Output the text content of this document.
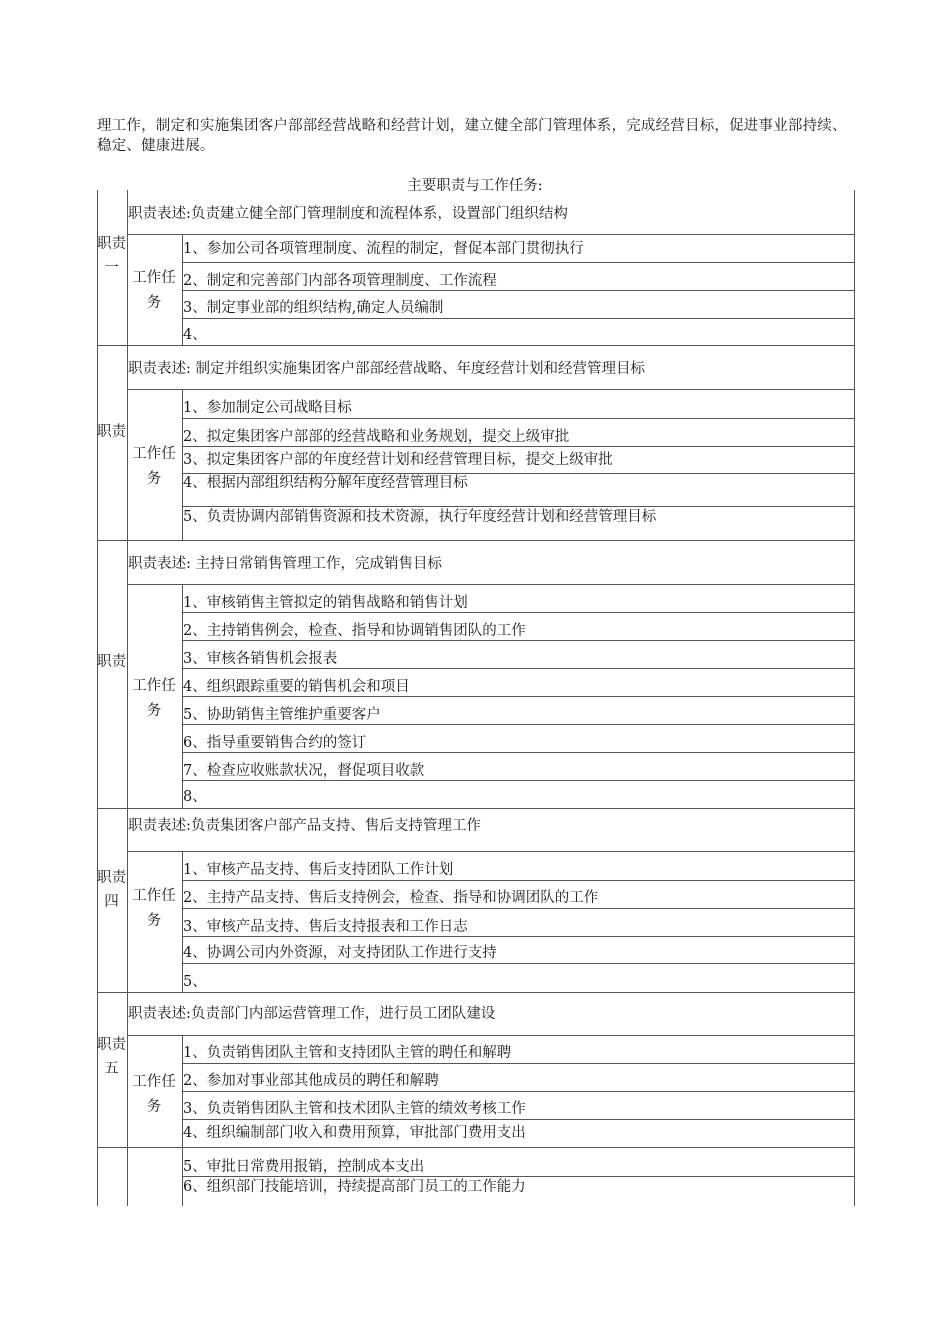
理工作，制定和实施集团客户部部经营战略和经营计划，建立健全部门管理体系，完成经营目标，促进事业部持续、稳定、健康进展。
主要职责与工作任务:
职责一
职责表述:负责建立健全部门管理制度和流程体系，设置部门组织结构
工作任务
1、参加公司各项管理制度、流程的制定，督促本部门贯彻执行
2、制定和完善部门内部各项管理制度、工作流程
3、制定事业部的组织结构,确定人员编制
4、
职责
职责表述: 制定并组织实施集团客户部部经营战略、年度经营计划和经营管理目标
工作任务
1、参加制定公司战略目标
2、拟定集团客户部部的经营战略和业务规划，提交上级审批
3、拟定集团客户部的年度经营计划和经营管理目标，提交上级审批
4、根据内部组织结构分解年度经营管理目标
5、负责协调内部销售资源和技术资源，执行年度经营计划和经营管理目标
职责
职责表述: 主持日常销售管理工作，完成销售目标
工作任务
1、审核销售主管拟定的销售战略和销售计划
2、主持销售例会，检查、指导和协调销售团队的工作
3、审核各销售机会报表
4、组织跟踪重要的销售机会和项目
5、协助销售主管维护重要客户
6、指导重要销售合约的签订
7、检查应收账款状况，督促项目收款
8、
职责四
职责表述:负责集团客户部产品支持、售后支持管理工作
工作任务
1、审核产品支持、售后支持团队工作计划
2、主持产品支持、售后支持例会，检查、指导和协调团队的工作
3、审核产品支持、售后支持报表和工作日志
4、协调公司内外资源，对支持团队工作进行支持
5、
职责五
职责表述:负责部门内部运营管理工作，进行员工团队建设
工作任务
1、负责销售团队主管和支持团队主管的聘任和解聘
2、参加对事业部其他成员的聘任和解聘
3、负责销售团队主管和技术团队主管的绩效考核工作
4、组织编制部门收入和费用预算，审批部门费用支出
5、审批日常费用报销，控制成本支出
6、组织部门技能培训，持续提高部门员工的工作能力
